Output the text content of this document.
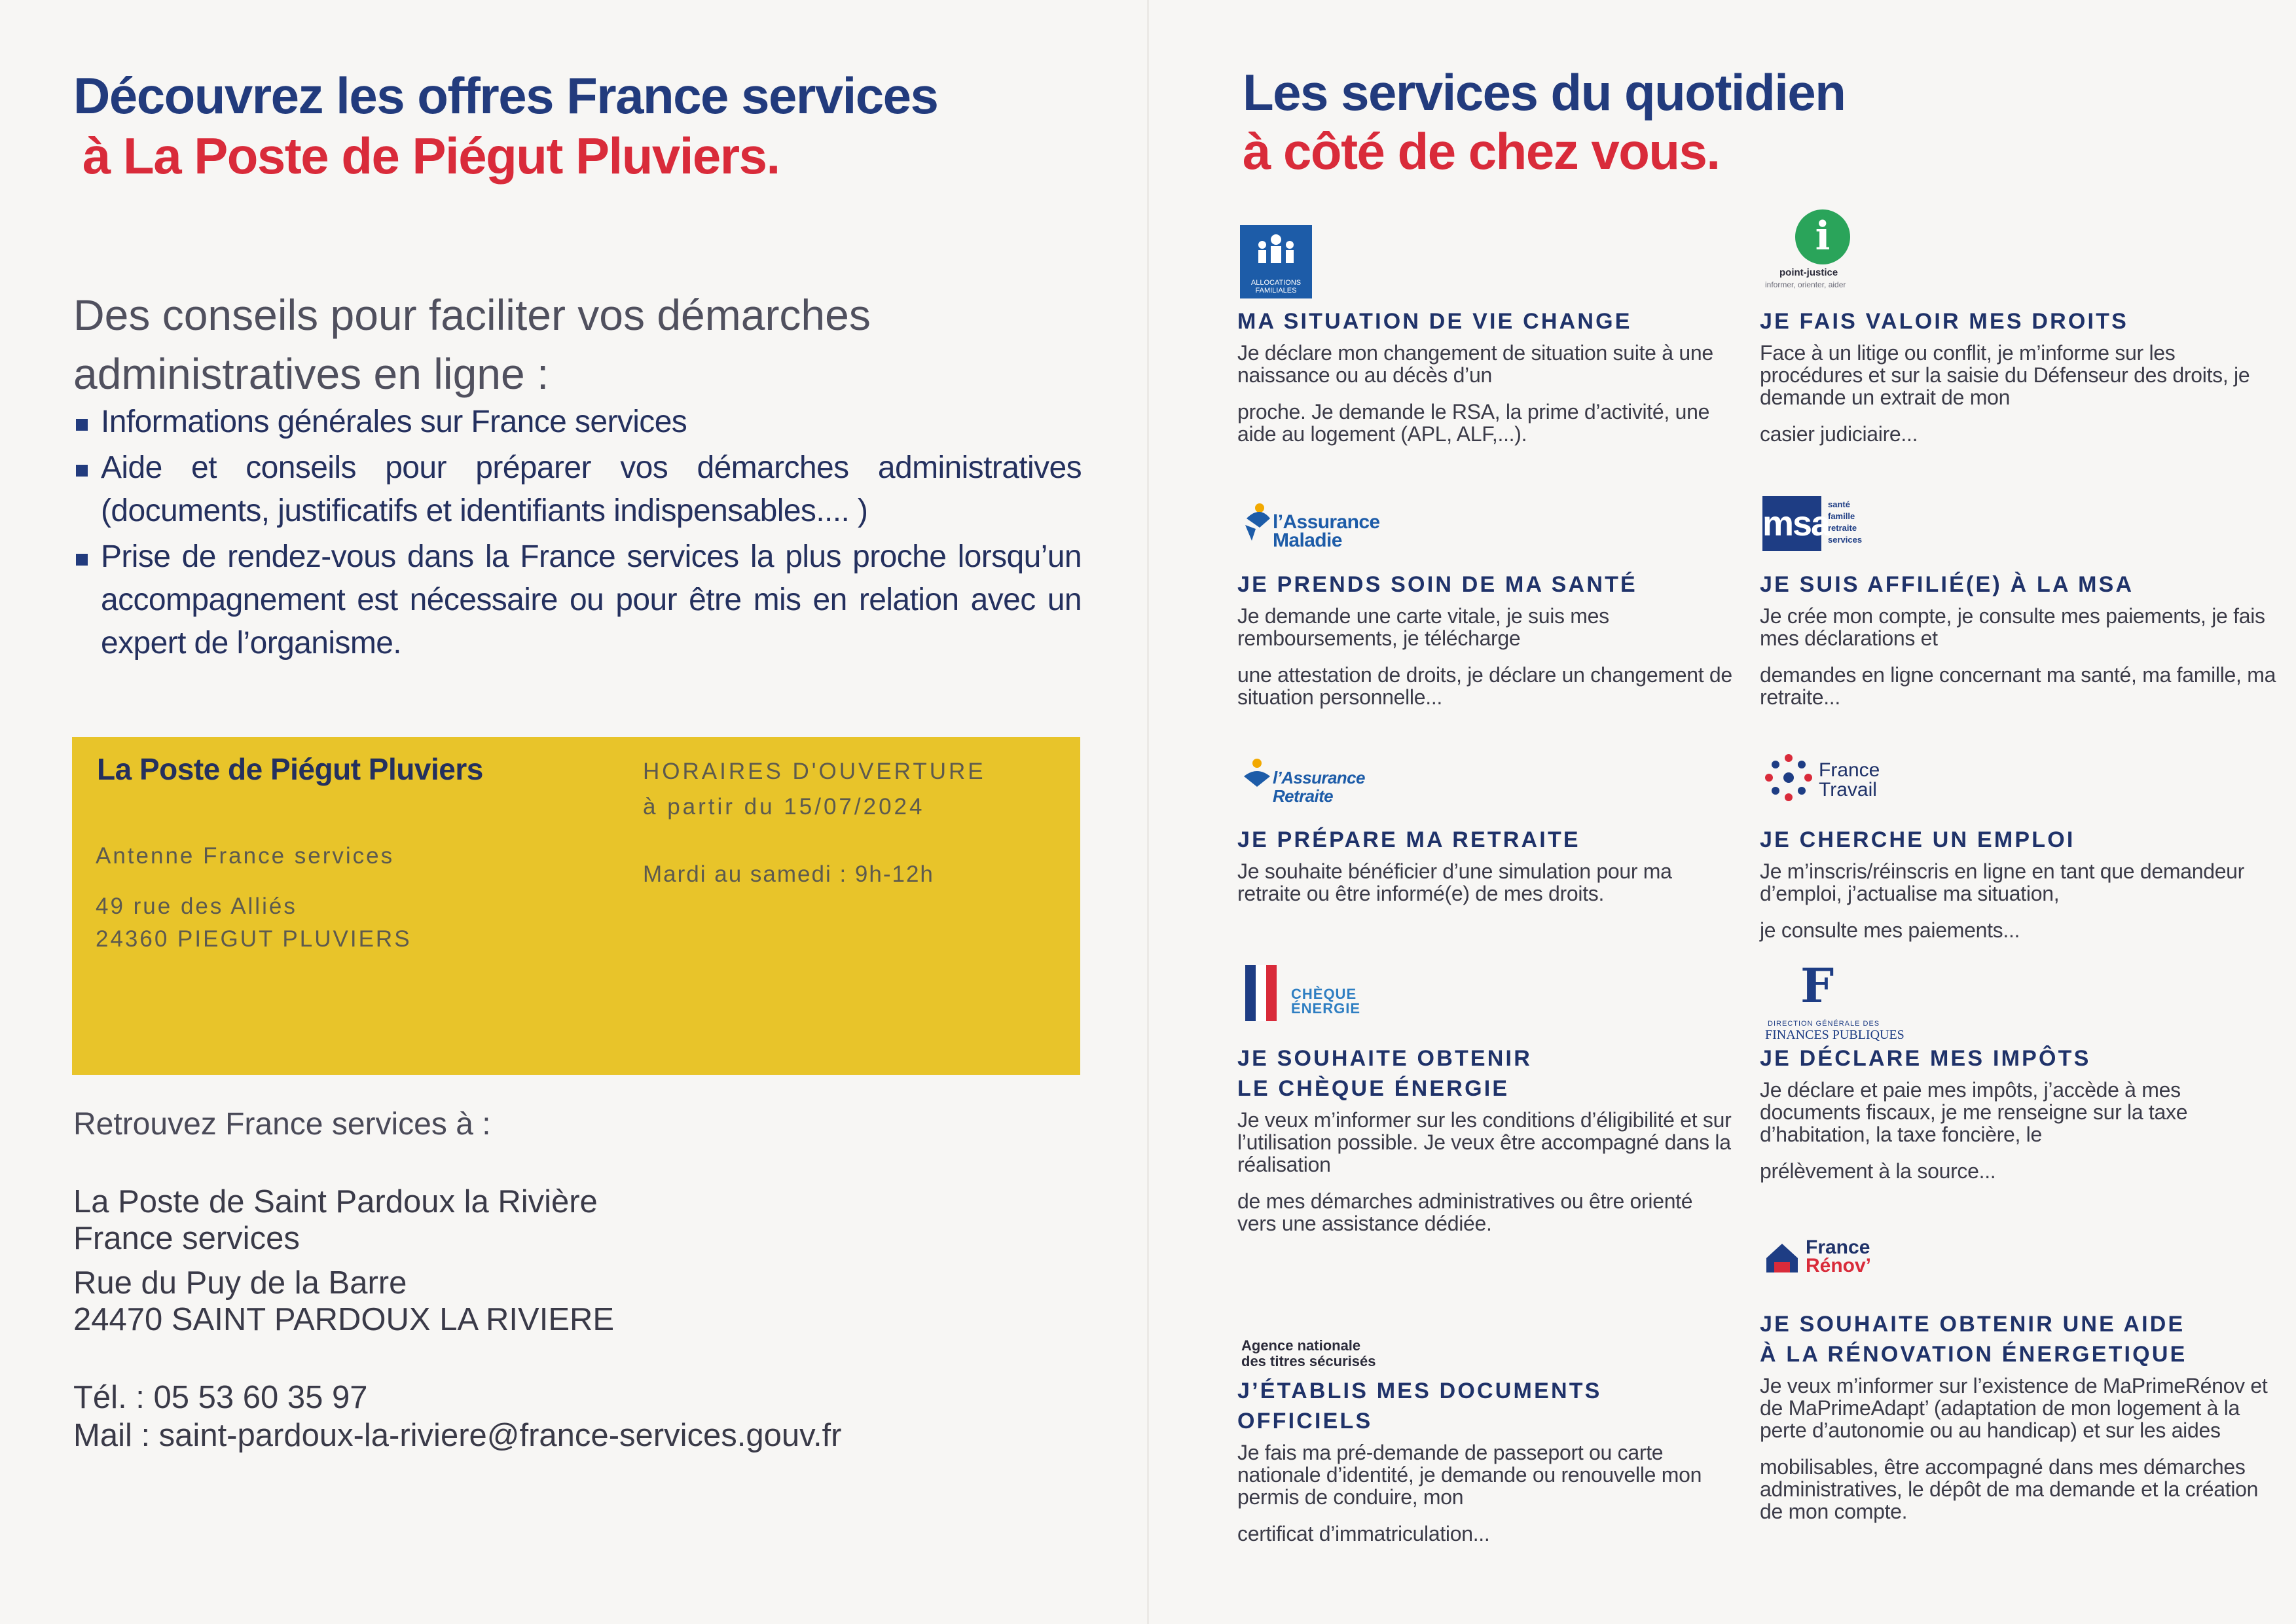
Découvrez les offres France services
à La Poste de Piégut Pluviers.
Des conseils pour faciliter vos démarches
administratives en ligne :
Informations générales sur France services
Aide et conseils pour préparer vos démarches administratives (documents, justificatifs et identifiants indispensables.... )
Prise de rendez-vous dans la France services la plus proche lorsqu’un accompagnement est nécessaire ou pour être mis en relation avec un expert de l’organisme.
La Poste de Piégut Pluviers
Antenne France services
49 rue des Alliés
24360 PIEGUT PLUVIERS
HORAIRES D'OUVERTURE
à partir du 15/07/2024
Mardi au samedi : 9h-12h
Retrouvez France services à :
La Poste de Saint Pardoux la Rivière
France services
Rue du Puy de la Barre
24470 SAINT PARDOUX LA RIVIERE
Tél. : 05 53 60 35 97
Mail : saint-pardoux-la-riviere@france-services.gouv.fr
Les services du quotidien
à côté de chez vous.
ALLOCATIONS FAMILIALES
MA SITUATION DE VIE CHANGE
Je déclare mon changement de situation suite à une naissance ou au décès d’un
proche. Je demande le RSA, la prime d’activité, une aide au logement (APL, ALF,...).
i
point-justice
informer, orienter, aider
JE FAIS VALOIR MES DROITS
Face à un litige ou conflit, je m’informe sur les procédures et sur la saisie du Défenseur des droits, je demande un extrait de mon
casier judiciaire...
l’Assurance Maladie
JE PRENDS SOIN DE MA SANTÉ
Je demande une carte vitale, je suis mes remboursements, je télécharge
une attestation de droits, je déclare un changement de situation personnelle...
msa
santé
famille
retraite
services
JE SUIS AFFILIÉ(E) À LA MSA
Je crée mon compte, je consulte mes paiements, je fais mes déclarations et
demandes en ligne concernant ma santé, ma famille, ma retraite...
l’Assurance Retraite
JE PRÉPARE MA RETRAITE
Je souhaite bénéficier d’une simulation pour ma retraite ou être informé(e) de mes droits.
France
Travail
JE CHERCHE UN EMPLOI
Je m’inscris/réinscris en ligne en tant que demandeur d’emploi, j’actualise ma situation,
je consulte mes paiements...
CHÈQUE
ÉNERGIE
JE SOUHAITE OBTENIR
LE CHÈQUE ÉNERGIE
Je veux m’informer sur les conditions d’éligibilité et sur l’utilisation possible. Je veux être accompagné dans la réalisation
de mes démarches administratives ou être orienté vers une assistance dédiée.
F
DIRECTION GÉNÉRALE DES
FINANCES PUBLIQUES
JE DÉCLARE MES IMPÔTS
Je déclare et paie mes impôts, j’accède à mes documents fiscaux, je me renseigne sur la taxe d’habitation, la taxe foncière, le
prélèvement à la source...
Agence nationale
des titres sécurisés
J’ÉTABLIS MES DOCUMENTS
OFFICIELS
Je fais ma pré-demande de passeport ou carte nationale d’identité, je demande ou renouvelle mon permis de conduire, mon
certificat d’immatriculation...
France
Rénov’
JE SOUHAITE OBTENIR UNE AIDE
À LA RÉNOVATION ÉNERGETIQUE
Je veux m’informer sur l’existence de MaPrimeRénov et de MaPrimeAdapt’ (adaptation de mon logement à la perte d’autonomie ou au handicap) et sur les aides
mobilisables, être accompagné dans mes démarches administratives, le dépôt de ma demande et la création de mon compte.
